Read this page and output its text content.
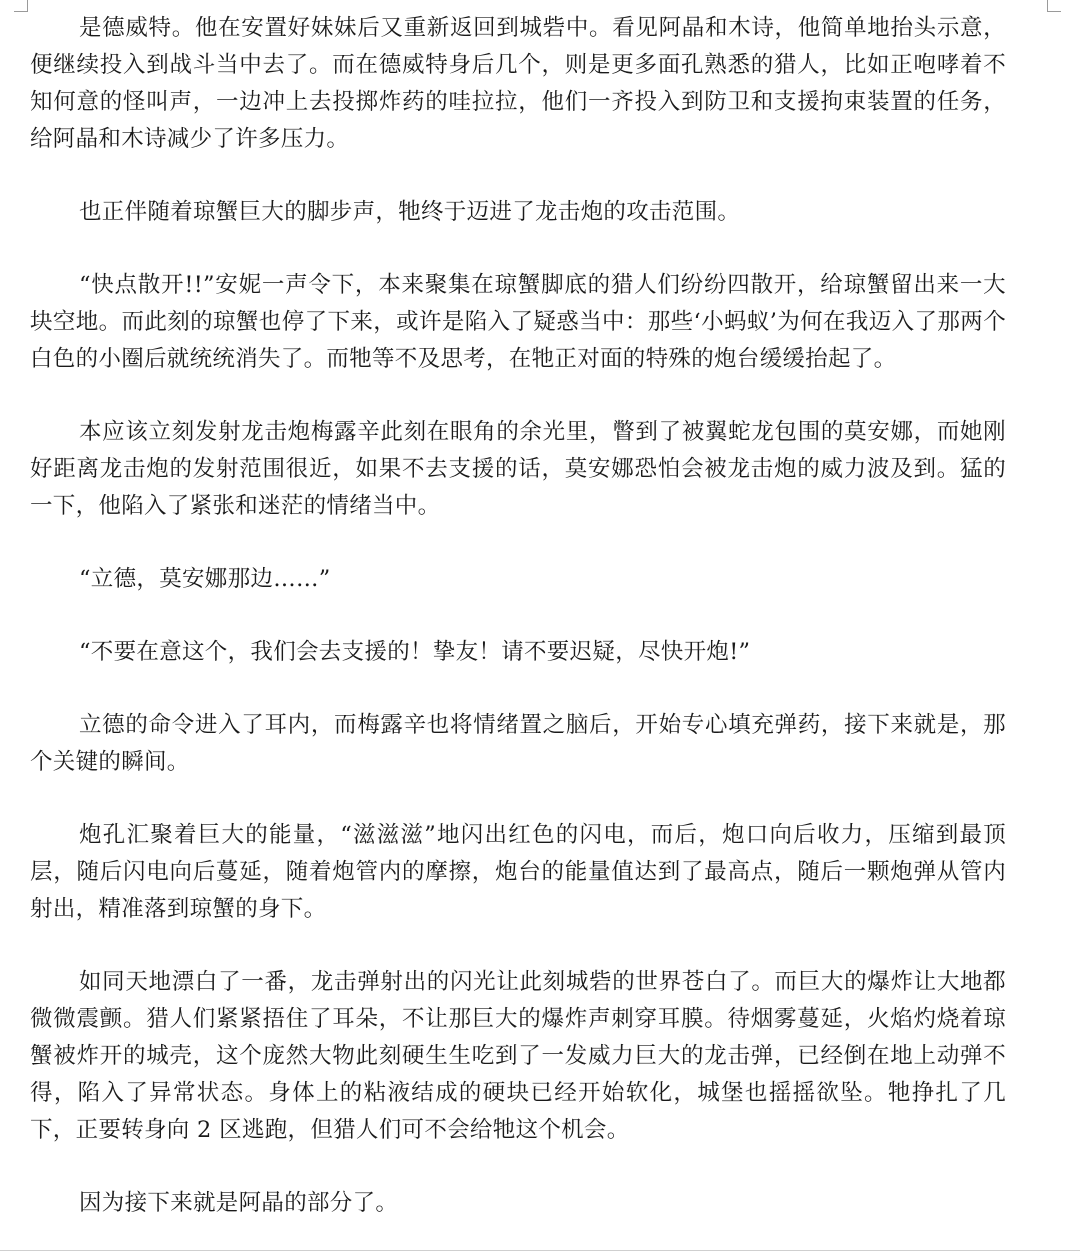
是德威特。他在安置好妹妹后又重新返回到城砦中。看见阿晶和木诗，他简单地抬头示意，便继续投入到战斗当中去了。而在德威特身后几个，则是更多面孔熟悉的猎人，比如正咆哮着不知何意的怪叫声，一边冲上去投掷炸药的哇拉拉，他们一齐投入到防卫和支援拘束装置的任务，给阿晶和木诗减少了许多压力。

也正伴随着琼蟹巨大的脚步声，牠终于迈进了龙击炮的攻击范围。

“快点散开!!”安妮一声令下，本来聚集在琼蟹脚底的猎人们纷纷四散开，给琼蟹留出来一大块空地。而此刻的琼蟹也停了下来，或许是陷入了疑惑当中：那些‘小蚂蚁’为何在我迈入了那两个白色的小圈后就统统消失了。而牠等不及思考，在牠正对面的特殊的炮台缓缓抬起了。

本应该立刻发射龙击炮梅露辛此刻在眼角的余光里，瞥到了被翼蛇龙包围的莫安娜，而她刚好距离龙击炮的发射范围很近，如果不去支援的话，莫安娜恐怕会被龙击炮的威力波及到。猛的一下，他陷入了紧张和迷茫的情绪当中。

“立德，莫安娜那边……”

“不要在意这个，我们会去支援的！挚友！请不要迟疑，尽快开炮!”

立德的命令进入了耳内，而梅露辛也将情绪置之脑后，开始专心填充弹药，接下来就是，那个关键的瞬间。

炮孔汇聚着巨大的能量，“滋滋滋”地闪出红色的闪电，而后，炮口向后收力，压缩到最顶层，随后闪电向后蔓延，随着炮管内的摩擦，炮台的能量值达到了最高点，随后一颗炮弹从管内射出，精准落到琼蟹的身下。

如同天地漂白了一番，龙击弹射出的闪光让此刻城砦的世界苍白了。而巨大的爆炸让大地都微微震颤。猎人们紧紧捂住了耳朵，不让那巨大的爆炸声刺穿耳膜。待烟雾蔓延，火焰灼烧着琼蟹被炸开的城壳，这个庞然大物此刻硬生生吃到了一发威力巨大的龙击弹，已经倒在地上动弹不得，陷入了异常状态。身体上的粘液结成的硬块已经开始软化，城堡也摇摇欲坠。牠挣扎了几下，正要转身向 2 区逃跑，但猎人们可不会给牠这个机会。

因为接下来就是阿晶的部分了。
